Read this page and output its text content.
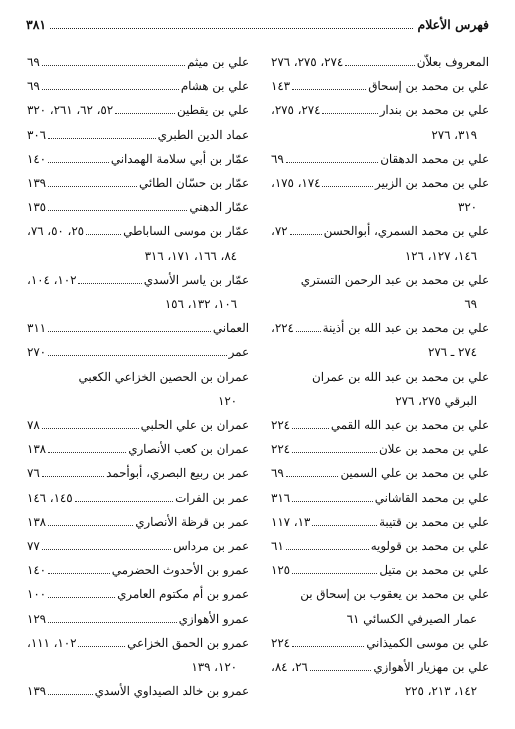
فهرس الأعلام
٣٨١
المعروف بعلاّن
٢٧٤، ٢٧٥، ٢٧٦
علي بن محمد بن إسحاق
١٤٣
علي بن محمد بن بندار
٢٧٤، ٢٧٥،
٣١٩، ٢٧٦
علي بن محمد الدهقان
٦٩
علي بن محمد بن الزبير
١٧٤، ١٧٥،
٣٢٠
علي بن محمد السمري، أبوالحسن
٧٢،
١٤٦، ١٢٧، ١٢٦
علي بن محمد بن عبد الرحمن التستري
٦٩
علي بن محمد بن عبد الله بن أذينة
٢٢٤،
٢٧٤ ـ ٢٧٦
علي بن محمد بن عبد الله بن عمران
البرقي ٢٧٥، ٢٧٦
علي بن محمد بن عبد الله القمي
٢٢٤
علي بن محمد بن علان
٢٢٤
علي بن محمد بن علي السمين
٦٩
علي بن محمد القاشاني
٣١٦
علي بن محمد بن قتيبة
١٣، ١١٧
علي بن محمد بن قولويه
٦١
علي بن محمد بن متيل
١٢٥
علي بن محمد بن يعقوب بن إسحاق بن
عمار الصيرفي الكسائي ٦١
علي بن موسى الكميذاني
٢٢٤
علي بن مهزيار الأهوازي
٢٦، ٨٤،
١٤٢، ٢١٣، ٢٢٥
علي بن ميثم
٦٩
علي بن هشام
٦٩
علي بن يقطين
٥٢، ٦٢، ٢٦١، ٣٢٠
عماد الدين الطبري
٣٠٦
عمّار بن أبي سلامة الهمداني
١٤٠
عمّار بن حسّان الطائي
١٣٩
عمّار الدهني
١٣٥
عمّار بن موسى الساباطي
٢٥، ٥٠، ٧٦،
٨٤، ١٦٦، ١٧١، ٣١٦
عمّار بن ياسر الأسدي
١٠٢، ١٠٤،
١٠٦، ١٣٢، ١٥٦
العماني
٣١١
عمر
٢٧٠
عمران بن الحصين الخزاعي الكعبي
١٢٠
عمران بن علي الحلبي
٧٨
عمران بن كعب الأنصاري
١٣٨
عمر بن ربيع البصري، أبوأحمد
٧٦
عمر بن الفرات
١٤٥، ١٤٦
عمر بن قرظة الأنصاري
١٣٨
عمر بن مرداس
٧٧
عمرو بن الأحدوث الحضرمي
١٤٠
عمرو بن أم مكتوم العامري
١٠٠
عمرو الأهوازي
١٢٩
عمرو بن الحمق الخزاعي
١٠٢، ١١١،
١٢٠، ١٣٩
عمرو بن خالد الصيداوي الأسدي
١٣٩
